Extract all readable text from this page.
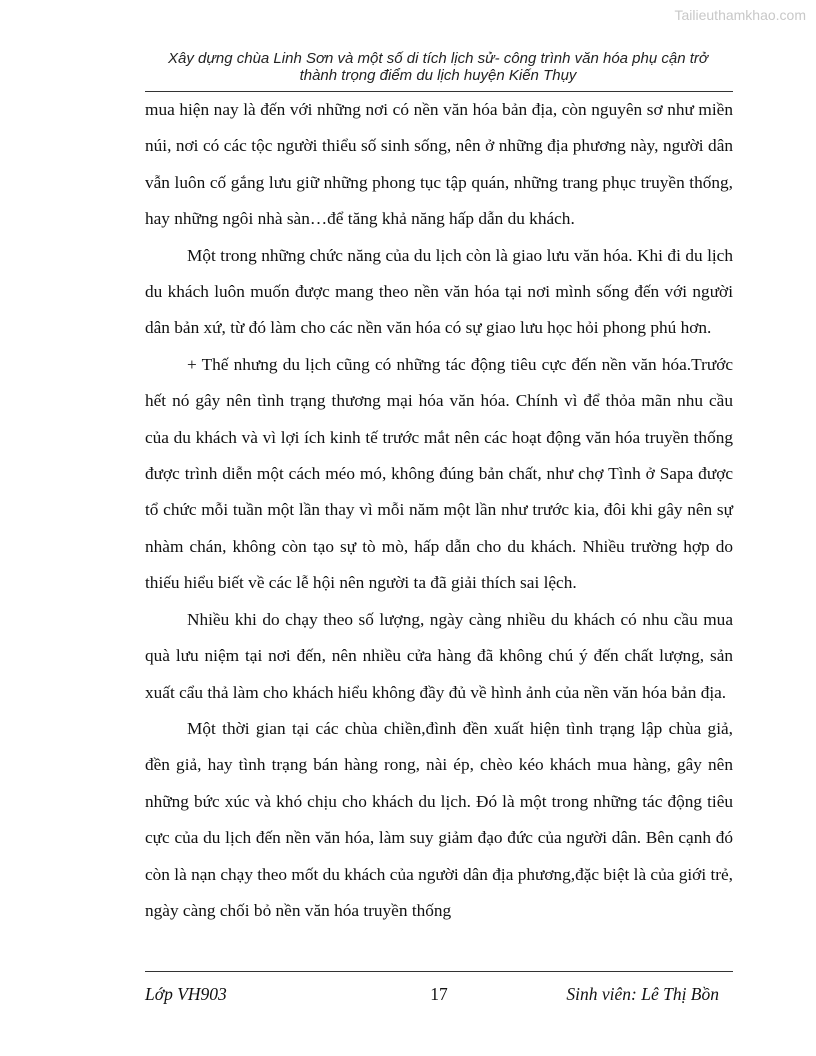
Tailieuthamkhao.com
Xây dựng chùa Linh Sơn và một số di tích lịch sử- công trình văn hóa phụ cận trở
thành trọng điểm du lịch huyện Kiến Thụy

mua hiện nay là đến với những nơi có nền văn hóa bản địa, còn nguyên sơ như miền núi, nơi có các tộc người thiểu số sinh sống, nên ở những địa phương này, người dân vẫn luôn cố gắng lưu giữ những phong tục tập quán, những trang phục truyền thống, hay những ngôi nhà sàn…để tăng khả năng hấp dẫn du khách.

Một trong những chức năng của du lịch còn là giao lưu văn hóa. Khi đi du lịch du khách luôn muốn được mang theo nền văn hóa tại nơi mình sống đến với người dân bản xứ, từ đó làm cho các nền văn hóa có sự giao lưu học hỏi phong phú hơn.

+ Thế nhưng du lịch cũng có những tác động tiêu cực đến nền văn hóa.Trước hết nó gây nên tình trạng thương mại hóa văn hóa. Chính vì để thỏa mãn nhu cầu của du khách và vì lợi ích kinh tế trước mắt nên các hoạt động văn hóa truyền thống được trình diễn một cách méo mó, không đúng bản chất, như chợ Tình ở Sapa được tổ chức mỗi tuần một lần thay vì mỗi năm một lần như trước kia, đôi khi gây nên sự nhàm chán, không còn tạo sự tò mò, hấp dẫn cho du khách. Nhiều trường hợp do thiếu hiểu biết về các lễ hội nên người ta đã giải thích sai lệch.

Nhiều khi do chạy theo số lượng, ngày càng nhiều du khách có nhu cầu mua quà lưu niệm tại nơi đến, nên nhiều cửa hàng đã không chú ý đến chất lượng, sản xuất cẩu thả làm cho khách hiểu không đầy đủ về hình ảnh của nền văn hóa bản địa.

Một thời gian tại các chùa chiền,đình đền xuất hiện tình trạng lập chùa giả, đền giả, hay tình trạng bán hàng rong, nài ép, chèo kéo khách mua hàng, gây nên những bức xúc và khó chịu cho khách du lịch. Đó là một trong những tác động tiêu cực của du lịch đến nền văn hóa, làm suy giảm đạo đức của người dân. Bên cạnh đó còn là nạn chạy theo mốt du khách của người dân địa phương,đặc biệt là của giới trẻ, ngày càng chối bỏ nền văn hóa truyền thống

Lớp VH903	17	Sinh viên: Lê Thị Bồn
